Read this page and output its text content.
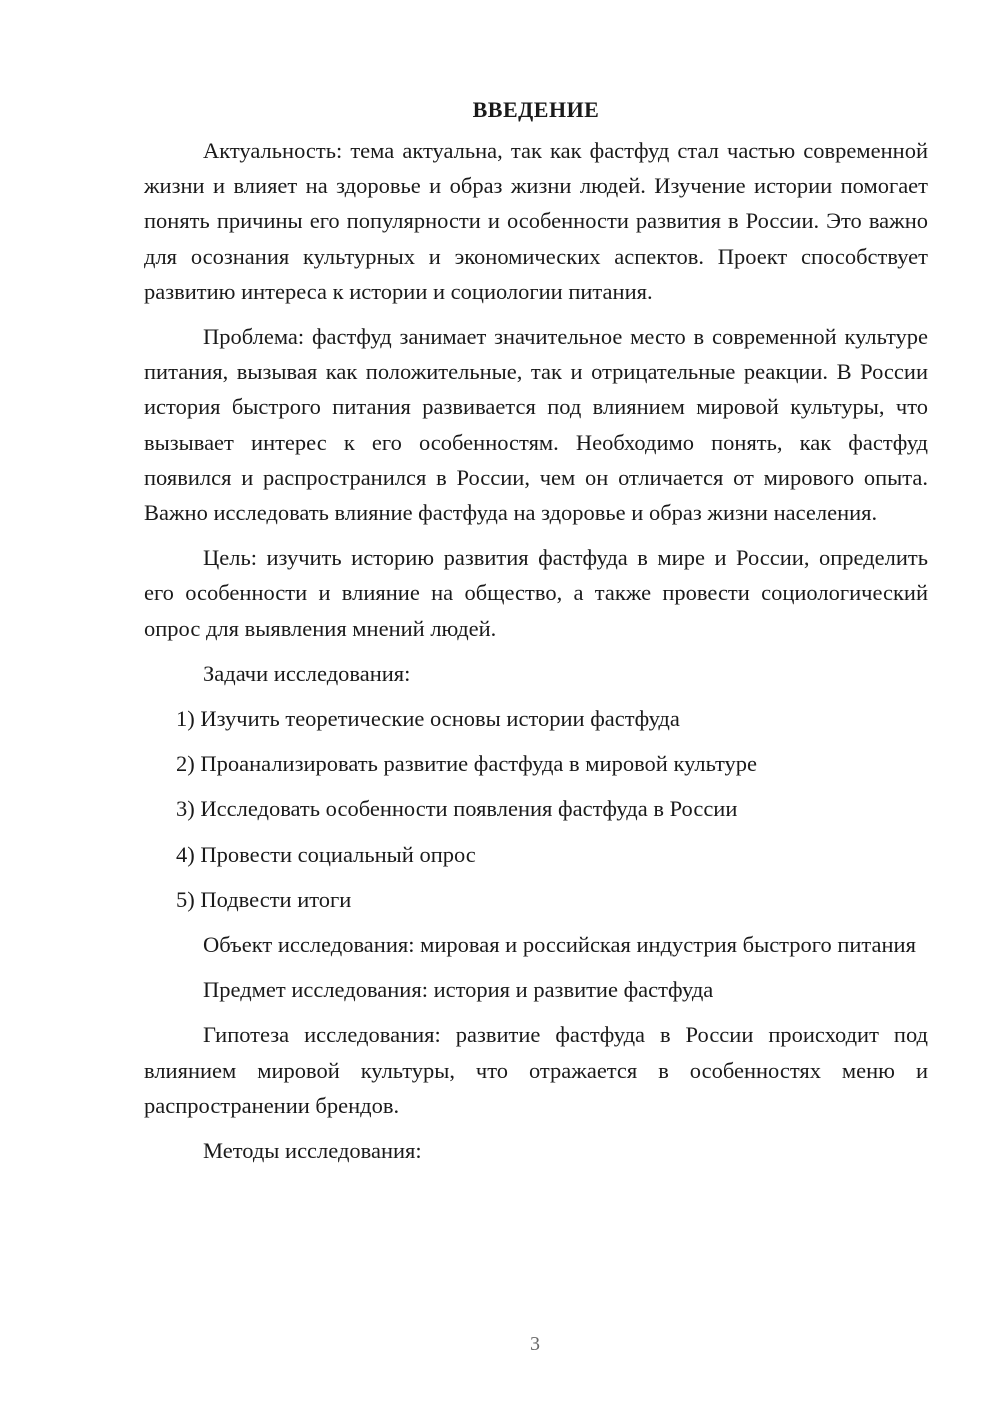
ВВЕДЕНИЕ

Актуальность: тема актуальна, так как фастфуд стал частью современной жизни и влияет на здоровье и образ жизни людей. Изучение истории помогает понять причины его популярности и особенности развития в России. Это важно для осознания культурных и экономических аспектов. Проект способствует развитию интереса к истории и социологии питания.

Проблема: фастфуд занимает значительное место в современной культуре питания, вызывая как положительные, так и отрицательные реакции. В России история быстрого питания развивается под влиянием мировой культуры, что вызывает интерес к его особенностям. Необходимо понять, как фастфуд появился и распространился в России, чем он отличается от мирового опыта. Важно исследовать влияние фастфуда на здоровье и образ жизни населения.

Цель: изучить историю развития фастфуда в мире и России, определить его особенности и влияние на общество, а также провести социологический опрос для выявления мнений людей.

Задачи исследования:

1) Изучить теоретические основы истории фастфуда

2) Проанализировать развитие фастфуда в мировой культуре

3) Исследовать особенности появления фастфуда в России

4) Провести социальный опрос

5) Подвести итоги

Объект исследования: мировая и российская индустрия быстрого питания

Предмет исследования: история и развитие фастфуда

Гипотеза исследования: развитие фастфуда в России происходит под влиянием мировой культуры, что отражается в особенностях меню и распространении брендов.

Методы исследования:

3
